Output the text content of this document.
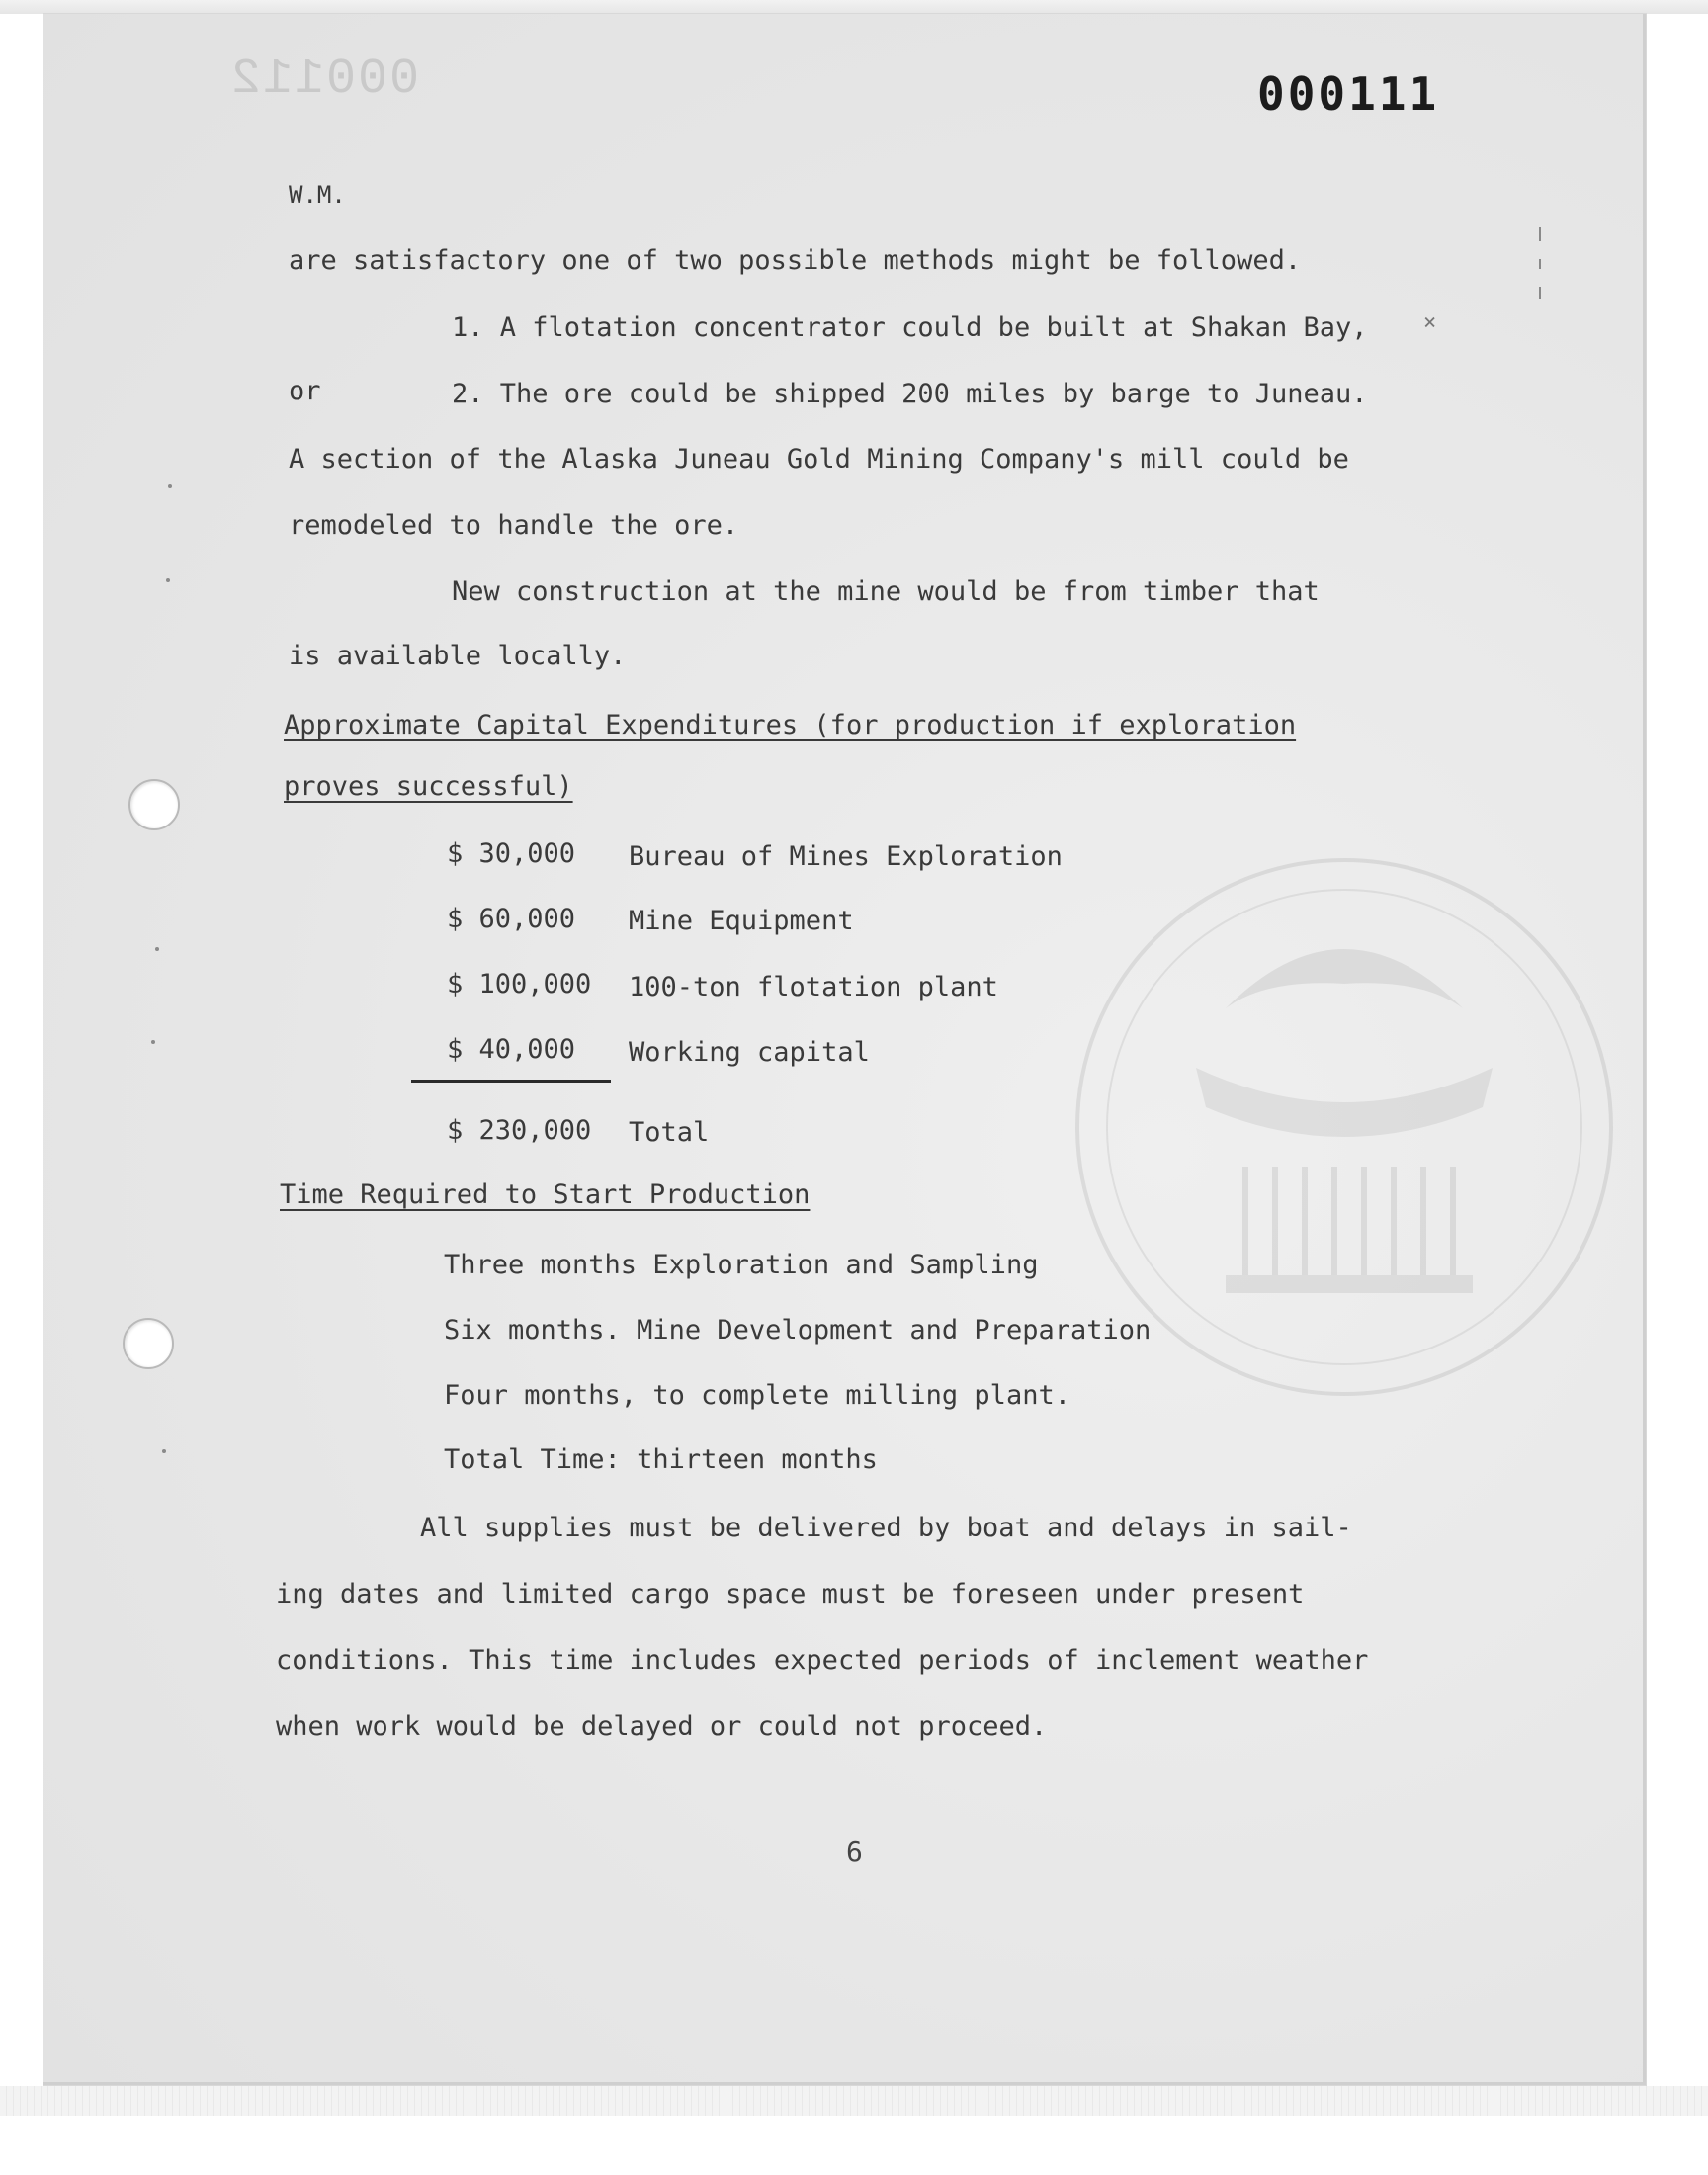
000112	000111
W.M.
are satisfactory one of two possible methods might be followed.
1. A flotation concentrator could be built at Shakan Bay,	×
or	2. The ore could be shipped 200 miles by barge to Juneau.
A section of the Alaska Juneau Gold Mining Company's mill could be
remodeled to handle the ore.
New construction at the mine would be from timber that
is available locally.
Approximate Capital Expenditures (for production if exploration
proves successful)
$ 30,000 Bureau of Mines Exploration
$ 60,000 Mine Equipment
$ 100,000 100-ton flotation plant
$ 40,000 Working capital
$ 230,000 Total
Time Required to Start Production
Three months Exploration and Sampling
Six months. Mine Development and Preparation
Four months, to complete milling plant.
Total Time: thirteen months
All supplies must be delivered by boat and delays in sail-
ing dates and limited cargo space must be foreseen under present
conditions. This time includes expected periods of inclement weather
when work would be delayed or could not proceed.
6
